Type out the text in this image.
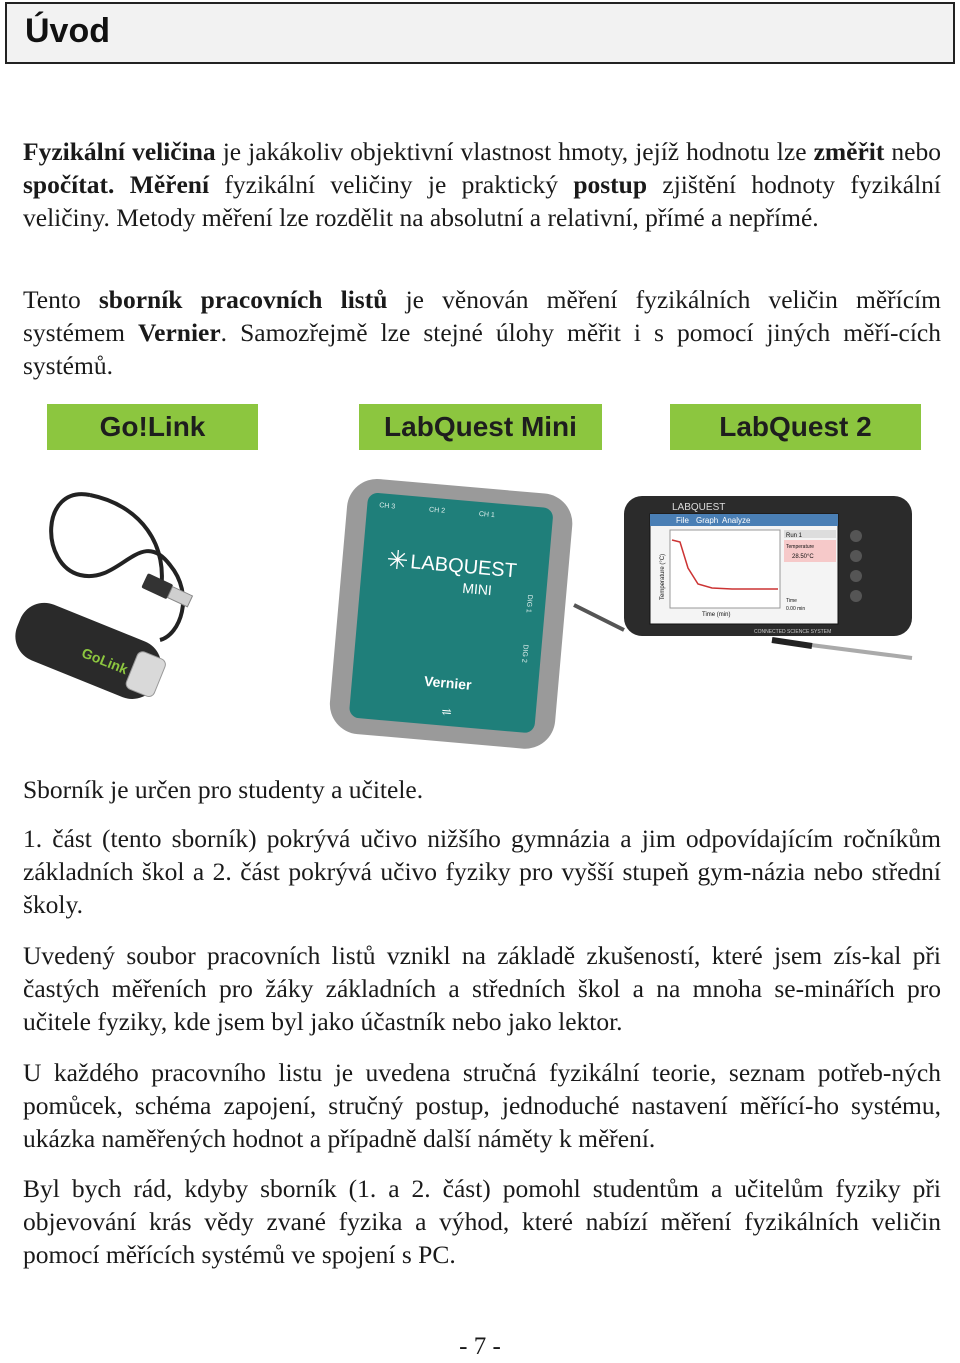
Úvod

Fyzikální veličina je jakákoliv objektivní vlastnost hmoty, jejíž hodnotu lze změřit nebo spočítat. Měření fyzikální veličiny je praktický postup zjištění hodnoty fyzikální veličiny. Metody měření lze rozdělit na absolutní a relativní, přímé a nepřímé.

Tento sborník pracovních listů je věnován měření fyzikálních veličin měřícím systémem Vernier. Samozřejmě lze stejné úlohy měřit i s pomocí jiných měří-cích systémů.

Go!Link	LabQuest Mini	LabQuest 2
GoLink
CH 3
CH 2
CH 1
DIG 1
DIG 2
✳ LABQUEST
MINI
Vernier
⇌
LABQUEST
File Graph Analyze
Temperature (°C)
Time (min)
Run 1
Temperature
28.50°C
Time
0.00 min
CONNECTED SCIENCE SYSTEM

Sborník je určen pro studenty a učitele.

1. část (tento sborník) pokrývá učivo nižšího gymnázia a jim odpovídajícím ročníkům základních škol a 2. část pokrývá učivo fyziky pro vyšší stupeň gym-názia nebo střední školy.

Uvedený soubor pracovních listů vznikl na základě zkušeností, které jsem zís-kal při častých měřeních pro žáky základních a středních škol a na mnoha se-minářích pro učitele fyziky, kde jsem byl jako účastník nebo jako lektor.

U každého pracovního listu je uvedena stručná fyzikální teorie, seznam potřeb-ných pomůcek, schéma zapojení, stručný postup, jednoduché nastavení měřící-ho systému, ukázka naměřených hodnot a případně další náměty k měření.

Byl bych rád, kdyby sborník (1. a 2. část) pomohl studentům a učitelům fyziky při objevování krás vědy zvané fyzika a výhod, které nabízí měření fyzikálních veličin pomocí měřících systémů ve spojení s PC.

- 7 -
